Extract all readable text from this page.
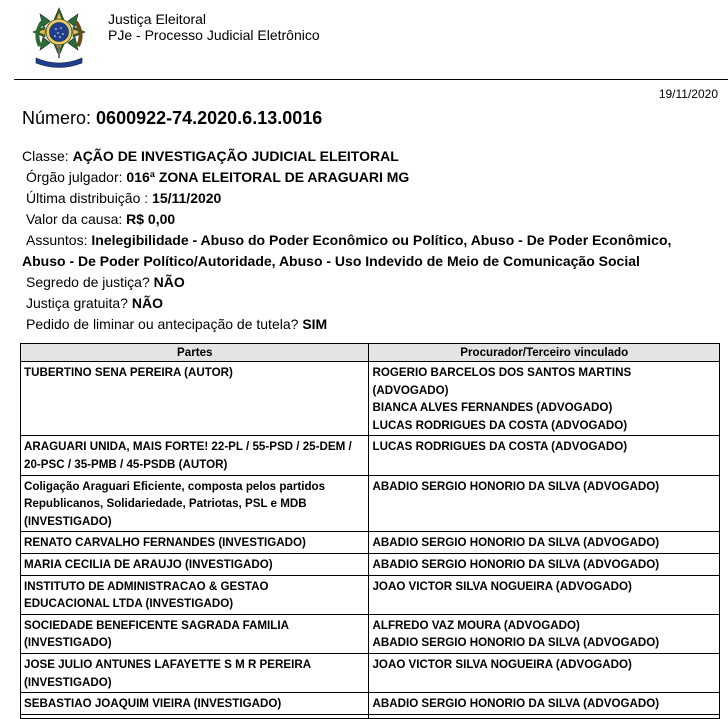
Justiça Eleitoral
PJe - Processo Judicial Eletrônico
19/11/2020
Número: 0600922-74.2020.6.13.0016
Classe: AÇÃO DE INVESTIGAÇÃO JUDICIAL ELEITORAL
Órgão julgador: 016ª ZONA ELEITORAL DE ARAGUARI MG
Última distribuição : 15/11/2020
Valor da causa: R$ 0,00
Assuntos: Inelegibilidade - Abuso do Poder Econômico ou Político, Abuso - De Poder Econômico,
Abuso - De Poder Político/Autoridade, Abuso - Uso Indevido de Meio de Comunicação Social
Segredo de justiça? NÃO
Justiça gratuita? NÃO
Pedido de liminar ou antecipação de tutela? SIM
Partes	Procurador/Terceiro vinculado

TUBERTINO SENA PEREIRA (AUTOR)	ROGERIO BARCELOS DOS SANTOS MARTINS
(ADVOGADO)
BIANCA ALVES FERNANDES (ADVOGADO)
LUCAS RODRIGUES DA COSTA (ADVOGADO)

ARAGUARI UNIDA, MAIS FORTE! 22-PL / 55-PSD / 25-DEM /
20-PSC / 35-PMB / 45-PSDB (AUTOR)	LUCAS RODRIGUES DA COSTA (ADVOGADO)

Coligação Araguari Eficiente, composta pelos partidos
Republicanos, Solidariedade, Patriotas, PSL e MDB
(INVESTIGADO)	ABADIO SERGIO HONORIO DA SILVA (ADVOGADO)

RENATO CARVALHO FERNANDES (INVESTIGADO)	ABADIO SERGIO HONORIO DA SILVA (ADVOGADO)

MARIA CECILIA DE ARAUJO (INVESTIGADO)	ABADIO SERGIO HONORIO DA SILVA (ADVOGADO)

INSTITUTO DE ADMINISTRACAO & GESTAO
EDUCACIONAL LTDA (INVESTIGADO)	JOAO VICTOR SILVA NOGUEIRA (ADVOGADO)

SOCIEDADE BENEFICENTE SAGRADA FAMILIA
(INVESTIGADO)	ALFREDO VAZ MOURA (ADVOGADO)
ABADIO SERGIO HONORIO DA SILVA (ADVOGADO)

JOSE JULIO ANTUNES LAFAYETTE S M R PEREIRA
(INVESTIGADO)	JOAO VICTOR SILVA NOGUEIRA (ADVOGADO)

SEBASTIAO JOAQUIM VIEIRA (INVESTIGADO)	ABADIO SERGIO HONORIO DA SILVA (ADVOGADO)
